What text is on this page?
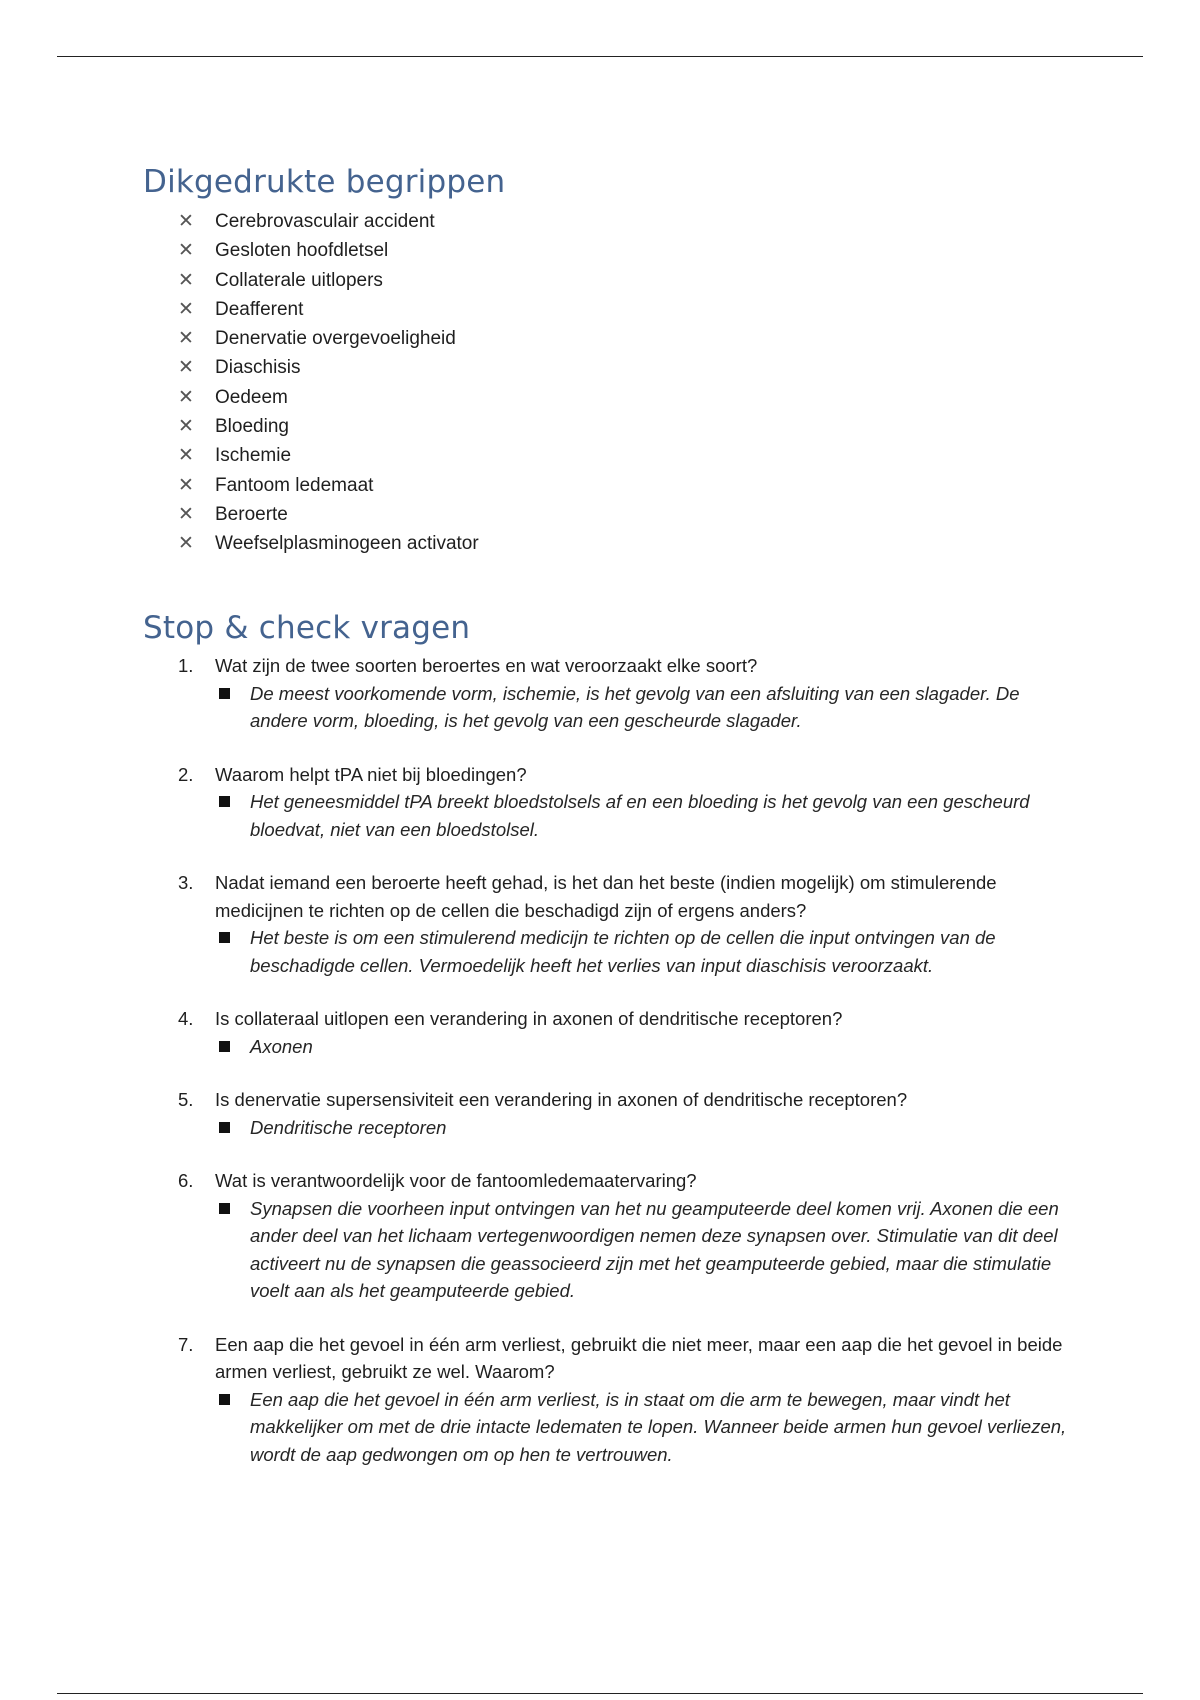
Dikgedrukte begrippen
✕ Cerebrovasculair accident
✕ Gesloten hoofdletsel
✕ Collaterale uitlopers
✕ Deafferent
✕ Denervatie overgevoeligheid
✕ Diaschisis
✕ Oedeem
✕ Bloeding
✕ Ischemie
✕ Fantoom ledemaat
✕ Beroerte
✕ Weefselplasminogeen activator
Stop & check vragen
1. Wat zijn de twee soorten beroertes en wat veroorzaakt elke soort?
De meest voorkomende vorm, ischemie, is het gevolg van een afsluiting van een slagader. De andere vorm, bloeding, is het gevolg van een gescheurde slagader.
2. Waarom helpt tPA niet bij bloedingen?
Het geneesmiddel tPA breekt bloedstolsels af en een bloeding is het gevolg van een gescheurd bloedvat, niet van een bloedstolsel.
3. Nadat iemand een beroerte heeft gehad, is het dan het beste (indien mogelijk) om stimulerende medicijnen te richten op de cellen die beschadigd zijn of ergens anders?
Het beste is om een stimulerend medicijn te richten op de cellen die input ontvingen van de beschadigde cellen. Vermoedelijk heeft het verlies van input diaschisis veroorzaakt.
4. Is collateraal uitlopen een verandering in axonen of dendritische receptoren?
Axonen
5. Is denervatie supersensiviteit een verandering in axonen of dendritische receptoren?
Dendritische receptoren
6. Wat is verantwoordelijk voor de fantoomledemaatervaring?
Synapsen die voorheen input ontvingen van het nu geamputeerde deel komen vrij. Axonen die een ander deel van het lichaam vertegenwoordigen nemen deze synapsen over. Stimulatie van dit deel activeert nu de synapsen die geassocieerd zijn met het geamputeerde gebied, maar die stimulatie voelt aan als het geamputeerde gebied.
7. Een aap die het gevoel in één arm verliest, gebruikt die niet meer, maar een aap die het gevoel in beide armen verliest, gebruikt ze wel. Waarom?
Een aap die het gevoel in één arm verliest, is in staat om die arm te bewegen, maar vindt het makkelijker om met de drie intacte ledematen te lopen. Wanneer beide armen hun gevoel verliezen, wordt de aap gedwongen om op hen te vertrouwen.
